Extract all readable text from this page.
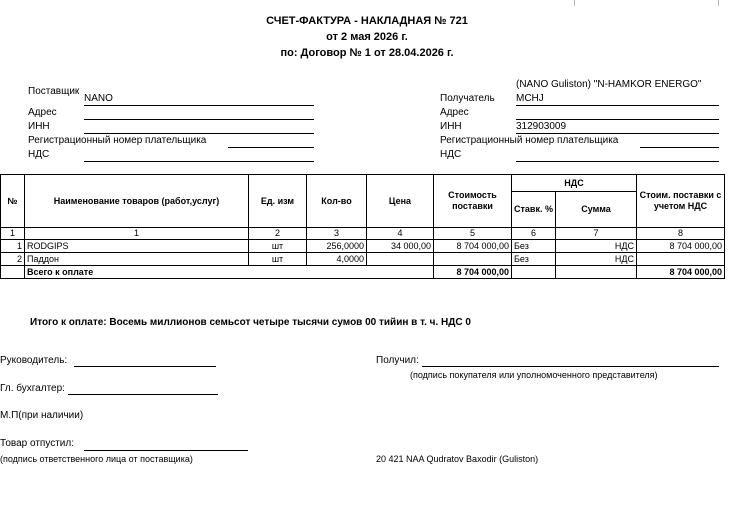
СЧЕТ-ФАКТУРА - НАКЛАДНАЯ № 721
от 2 мая 2026 г.
по: Договор № 1 от 28.04.2026 г.
Поставщик
NANO
Адрес
ИНН
Регистрационный номер плательщика
НДС
(NANO Guliston) "N-HAMKOR ENERGO"
Получатель MCHJ
Адрес
ИНН	312903009
Регистрационный номер плательщика
НДС
№	Наименование товаров (работ,услуг)	Ед. изм	Кол-во	Цена	Стоимость поставки	НДС		Стоим. поставки с учетом НДС
						Ставк. %	Сумма	
1	1	2	3	4	5	6	7	8
1	RODGIPS	шт	256,0000	34 000,00	8 704 000,00	Без	НДС	8 704 000,00
2	Паддон	шт	4,0000			Без	НДС	
	Всего к оплате				8 704 000,00			8 704 000,00
Итого к оплате: Восемь миллионов семьсот четыре тысячи сумов 00 тийин в т. ч. НДС 0
Руководитель:
Гл. бухгалтер:
М.П(при наличии)
Товар отпустил:
(подпись ответственного лица от поставщика)
Получил:
(подпись покупателя или уполномоченного представителя)
20 421 NAA Qudratov Baxodir (Guliston)
